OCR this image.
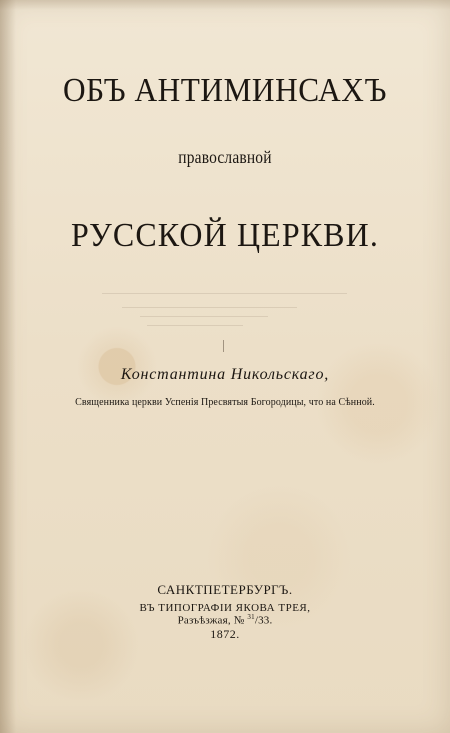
ОБЪ АНТИМИНСАХЪ
православной
РУССКОЙ ЦЕРКВИ.
Константина Никольскаго,
Священника церкви Успенія Пресвятыя Богородицы, что на Сѣнной.
САНКТПЕТЕРБУРГЪ.
ВЪ ТИПОГРАФІИ ЯКОВА ТРЕЯ,
Разъѣзжая, № $^{31}$/33.
1872.
